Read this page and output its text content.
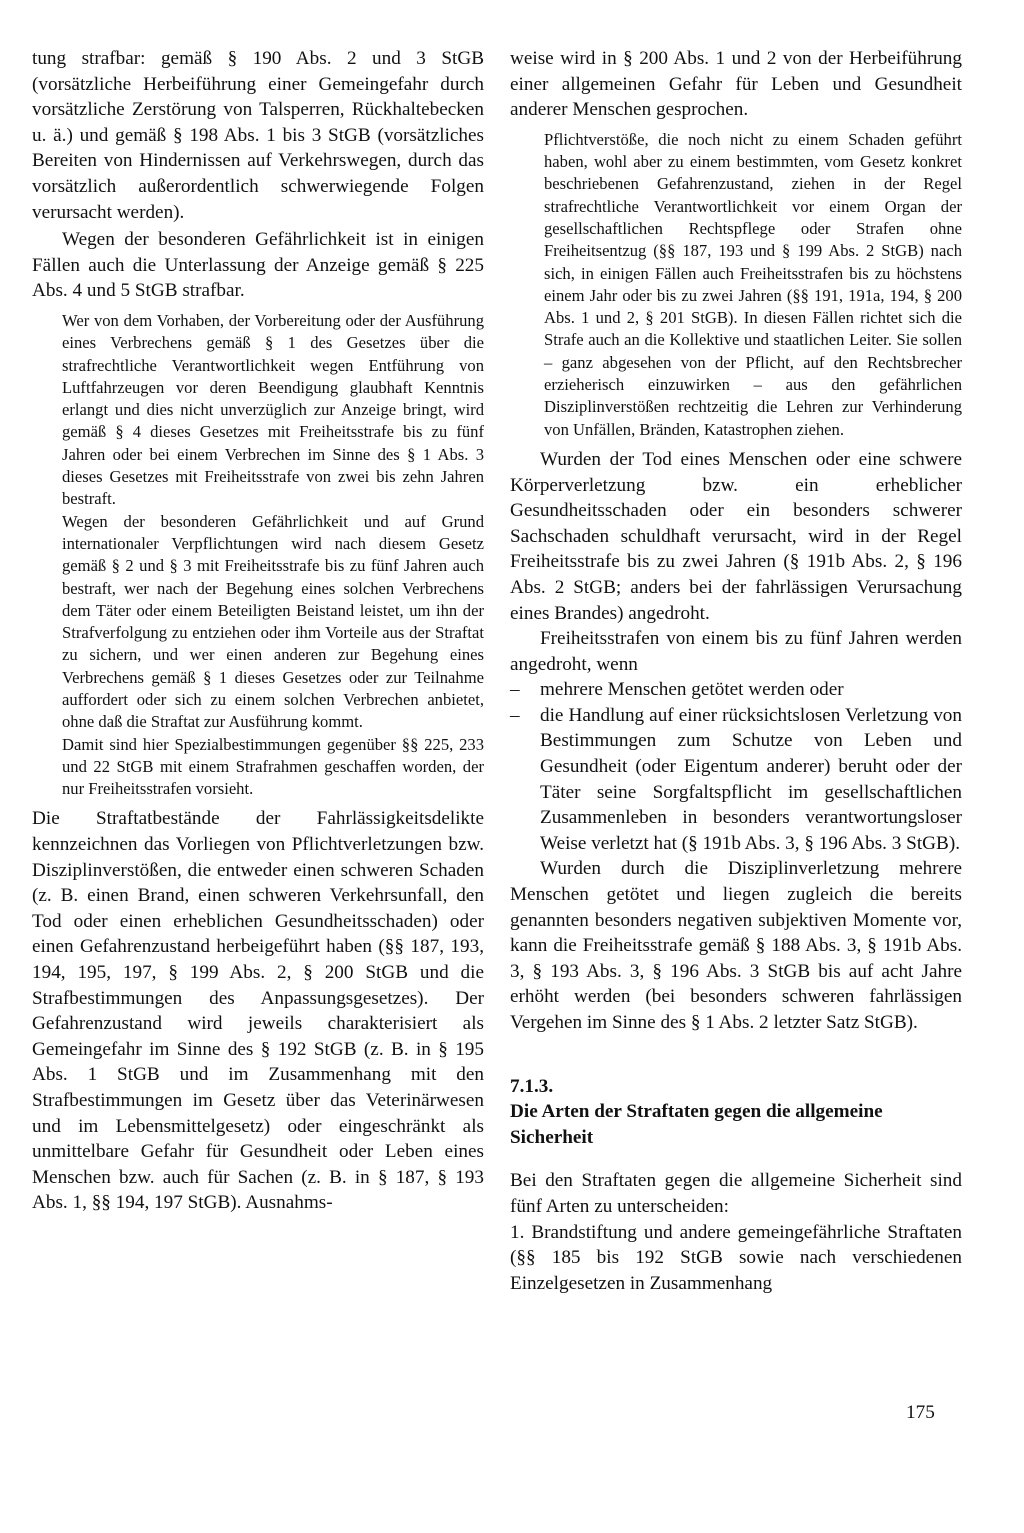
tung strafbar: gemäß § 190 Abs. 2 und 3 StGB (vorsätzliche Herbeiführung einer Gemeingefahr durch vorsätzliche Zerstörung von Talsperren, Rückhaltebecken u. ä.) und gemäß § 198 Abs. 1 bis 3 StGB (vorsätzliches Bereiten von Hindernissen auf Verkehrswegen, durch das vorsätzlich außerordentlich schwerwiegende Folgen verursacht werden).

Wegen der besonderen Gefährlichkeit ist in einigen Fällen auch die Unterlassung der Anzeige gemäß § 225 Abs. 4 und 5 StGB strafbar.

Wer von dem Vorhaben, der Vorbereitung oder der Ausführung eines Verbrechens gemäß § 1 des Gesetzes über die strafrechtliche Verantwortlichkeit wegen Entführung von Luftfahrzeugen vor deren Beendigung glaubhaft Kenntnis erlangt und dies nicht unverzüglich zur Anzeige bringt, wird gemäß § 4 dieses Gesetzes mit Freiheitsstrafe bis zu fünf Jahren oder bei einem Verbrechen im Sinne des § 1 Abs. 3 dieses Gesetzes mit Freiheitsstrafe von zwei bis zehn Jahren bestraft.

Wegen der besonderen Gefährlichkeit und auf Grund internationaler Verpflichtungen wird nach diesem Gesetz gemäß § 2 und § 3 mit Freiheitsstrafe bis zu fünf Jahren auch bestraft, wer nach der Begehung eines solchen Verbrechens dem Täter oder einem Beteiligten Beistand leistet, um ihn der Strafverfolgung zu entziehen oder ihm Vorteile aus der Straftat zu sichern, und wer einen anderen zur Begehung eines Verbrechens gemäß § 1 dieses Gesetzes oder zur Teilnahme auffordert oder sich zu einem solchen Verbrechen anbietet, ohne daß die Straftat zur Ausführung kommt.

Damit sind hier Spezialbestimmungen gegenüber §§ 225, 233 und 22 StGB mit einem Strafrahmen geschaffen worden, der nur Freiheitsstrafen vorsieht.

Die Straftatbestände der Fahrlässigkeitsdelikte kennzeichnen das Vorliegen von Pflichtverletzungen bzw. Disziplinverstößen, die entweder einen schweren Schaden (z. B. einen Brand, einen schweren Verkehrsunfall, den Tod oder einen erheblichen Gesundheitsschaden) oder einen Gefahrenzustand herbeigeführt haben (§§ 187, 193, 194, 195, 197, § 199 Abs. 2, § 200 StGB und die Strafbestimmungen des Anpassungsgesetzes). Der Gefahrenzustand wird jeweils charakterisiert als Gemeingefahr im Sinne des § 192 StGB (z. B. in § 195 Abs. 1 StGB und im Zusammenhang mit den Strafbestimmungen im Gesetz über das Veterinärwesen und im Lebensmittelgesetz) oder eingeschränkt als unmittelbare Gefahr für Gesundheit oder Leben eines Menschen bzw. auch für Sachen (z. B. in § 187, § 193 Abs. 1, §§ 194, 197 StGB). Ausnahms-

weise wird in § 200 Abs. 1 und 2 von der Herbeiführung einer allgemeinen Gefahr für Leben und Gesundheit anderer Menschen gesprochen.

Pflichtverstöße, die noch nicht zu einem Schaden geführt haben, wohl aber zu einem bestimmten, vom Gesetz konkret beschriebenen Gefahrenzustand, ziehen in der Regel strafrechtliche Verantwortlichkeit vor einem Organ der gesellschaftlichen Rechtspflege oder Strafen ohne Freiheitsentzug (§§ 187, 193 und § 199 Abs. 2 StGB) nach sich, in einigen Fällen auch Freiheitsstrafen bis zu höchstens einem Jahr oder bis zu zwei Jahren (§§ 191, 191a, 194, § 200 Abs. 1 und 2, § 201 StGB). In diesen Fällen richtet sich die Strafe auch an die Kollektive und staatlichen Leiter. Sie sollen – ganz abgesehen von der Pflicht, auf den Rechtsbrecher erzieherisch einzuwirken – aus den gefährlichen Disziplinverstößen rechtzeitig die Lehren zur Verhinderung von Unfällen, Bränden, Katastrophen ziehen.

Wurden der Tod eines Menschen oder eine schwere Körperverletzung bzw. ein erheblicher Gesundheitsschaden oder ein besonders schwerer Sachschaden schuldhaft verursacht, wird in der Regel Freiheitsstrafe bis zu zwei Jahren (§ 191b Abs. 2, § 196 Abs. 2 StGB; anders bei der fahrlässigen Verursachung eines Brandes) angedroht.

Freiheitsstrafen von einem bis zu fünf Jahren werden angedroht, wenn

– mehrere Menschen getötet werden oder
– die Handlung auf einer rücksichtslosen Verletzung von Bestimmungen zum Schutze von Leben und Gesundheit (oder Eigentum anderer) beruht oder der Täter seine Sorgfaltspflicht im gesellschaftlichen Zusammenleben in besonders verantwortungsloser Weise verletzt hat (§ 191b Abs. 3, § 196 Abs. 3 StGB).

Wurden durch die Disziplinverletzung mehrere Menschen getötet und liegen zugleich die bereits genannten besonders negativen subjektiven Momente vor, kann die Freiheitsstrafe gemäß § 188 Abs. 3, § 191b Abs. 3, § 193 Abs. 3, § 196 Abs. 3 StGB bis auf acht Jahre erhöht werden (bei besonders schweren fahrlässigen Vergehen im Sinne des § 1 Abs. 2 letzter Satz StGB).

7.1.3.
Die Arten der Straftaten gegen die allgemeine Sicherheit

Bei den Straftaten gegen die allgemeine Sicherheit sind fünf Arten zu unterscheiden:

1. Brandstiftung und andere gemeingefährliche Straftaten (§§ 185 bis 192 StGB sowie nach verschiedenen Einzelgesetzen in Zusammenhang

175
